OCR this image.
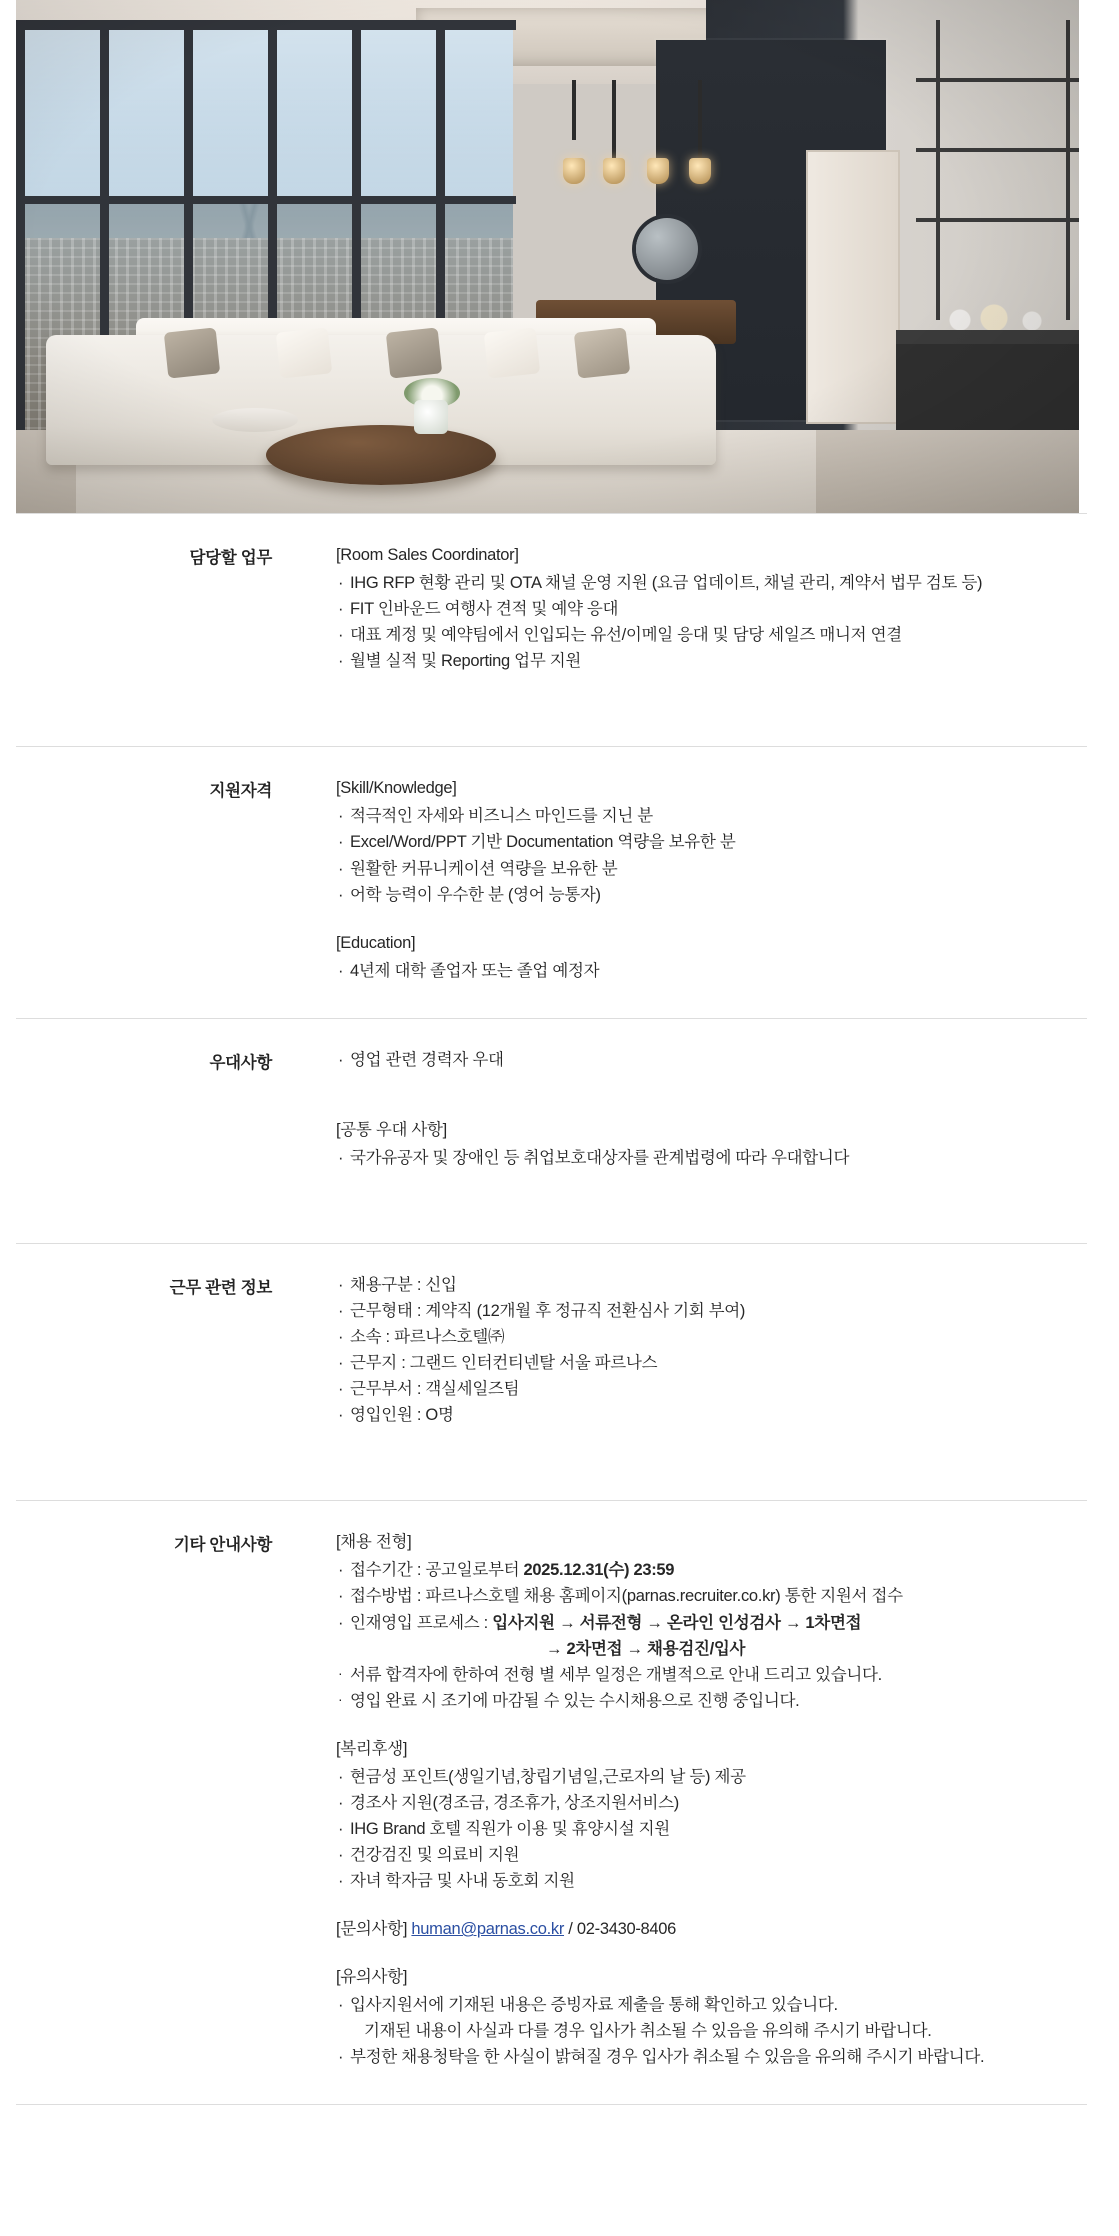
담당할 업무	[Room Sales Coordinator]
· IHG RFP 현황 관리 및 OTA 채널 운영 지원 (요금 업데이트, 채널 관리, 계약서 법무 검토 등)
· FIT 인바운드 여행사 견적 및 예약 응대
· 대표 계정 및 예약팀에서 인입되는 유선/이메일 응대 및 담당 세일즈 매니저 연결
· 월별 실적 및 Reporting 업무 지원
지원자격	[Skill/Knowledge]
· 적극적인 자세와 비즈니스 마인드를 지닌 분
· Excel/Word/PPT 기반 Documentation 역량을 보유한 분
· 원활한 커뮤니케이션 역량을 보유한 분
· 어학 능력이 우수한 분 (영어 능통자)
[Education]
· 4년제 대학 졸업자 또는 졸업 예정자
우대사항	· 영업 관련 경력자 우대
[공통 우대 사항]
· 국가유공자 및 장애인 등 취업보호대상자를 관계법령에 따라 우대합니다
근무 관련 정보	· 채용구분 : 신입
· 근무형태 : 계약직 (12개월 후 정규직 전환심사 기회 부여)
· 소속 : 파르나스호텔㈜
· 근무지 : 그랜드 인터컨티넨탈 서울 파르나스
· 근무부서 : 객실세일즈팀
· 영입인원 : O명
기타 안내사항	[채용 전형]
· 접수기간 : 공고일로부터 2025.12.31(수) 23:59
· 접수방법 : 파르나스호텔 채용 홈페이지(parnas.recruiter.co.kr) 통한 지원서 접수
· 인재영입 프로세스 : 입사지원 → 서류전형 → 온라인 인성검사 → 1차면접
→ 2차면접 → 채용검진/입사
· 서류 합격자에 한하여 전형 별 세부 일정은 개별적으로 안내 드리고 있습니다.
· 영입 완료 시 조기에 마감될 수 있는 수시채용으로 진행 중입니다.
[복리후생]
· 현금성 포인트(생일기념,창립기념일,근로자의 날 등) 제공
· 경조사 지원(경조금, 경조휴가, 상조지원서비스)
· IHG Brand 호텔 직원가 이용 및 휴양시설 지원
· 건강검진 및 의료비 지원
· 자녀 학자금 및 사내 동호회 지원
[문의사항] human@parnas.co.kr / 02-3430-8406
[유의사항]
· 입사지원서에 기재된 내용은 증빙자료 제출을 통해 확인하고 있습니다.
기재된 내용이 사실과 다를 경우 입사가 취소될 수 있음을 유의해 주시기 바랍니다.
· 부정한 채용청탁을 한 사실이 밝혀질 경우 입사가 취소될 수 있음을 유의해 주시기 바랍니다.
